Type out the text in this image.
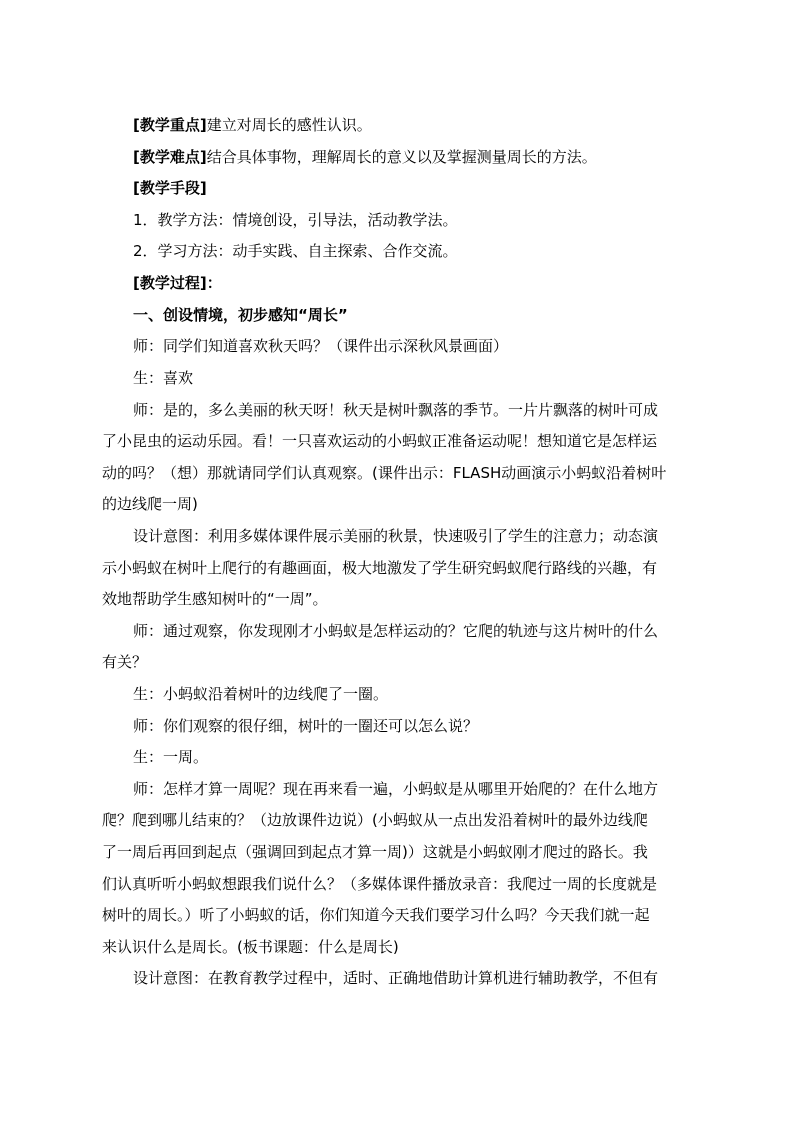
[教学重点]建立对周长的感性认识。
[教学难点]结合具体事物，理解周长的意义以及掌握测量周长的方法。
[教学手段]
1．教学方法：情境创设，引导法，活动教学法。
2．学习方法：动手实践、自主探索、合作交流。
[教学过程]：
一、创设情境，初步感知“周长”
师：同学们知道喜欢秋天吗？（课件出示深秋风景画面）
生：喜欢
师：是的，多么美丽的秋天呀！秋天是树叶飘落的季节。一片片飘落的树叶可成
了小昆虫的运动乐园。看！一只喜欢运动的小蚂蚁正准备运动呢！想知道它是怎样运
动的吗？（想）那就请同学们认真观察。(课件出示：FLASH动画演示小蚂蚁沿着树叶
的边线爬一周)
设计意图：利用多媒体课件展示美丽的秋景，快速吸引了学生的注意力；动态演
示小蚂蚁在树叶上爬行的有趣画面，极大地激发了学生研究蚂蚁爬行路线的兴趣，有
效地帮助学生感知树叶的“一周”。
师：通过观察，你发现刚才小蚂蚁是怎样运动的？它爬的轨迹与这片树叶的什么
有关？
生：小蚂蚁沿着树叶的边线爬了一圈。
师：你们观察的很仔细，树叶的一圈还可以怎么说？
生：一周。
师：怎样才算一周呢？现在再来看一遍，小蚂蚁是从哪里开始爬的？在什么地方
爬？爬到哪儿结束的？（边放课件边说）(小蚂蚁从一点出发沿着树叶的最外边线爬
了一周后再回到起点（强调回到起点才算一周)）这就是小蚂蚁刚才爬过的路长。我
们认真听听小蚂蚁想跟我们说什么？（多媒体课件播放录音：我爬过一周的长度就是
树叶的周长。）听了小蚂蚁的话，你们知道今天我们要学习什么吗？今天我们就一起
来认识什么是周长。(板书课题：什么是周长)
设计意图：在教育教学过程中，适时、正确地借助计算机进行辅助教学，不但有
